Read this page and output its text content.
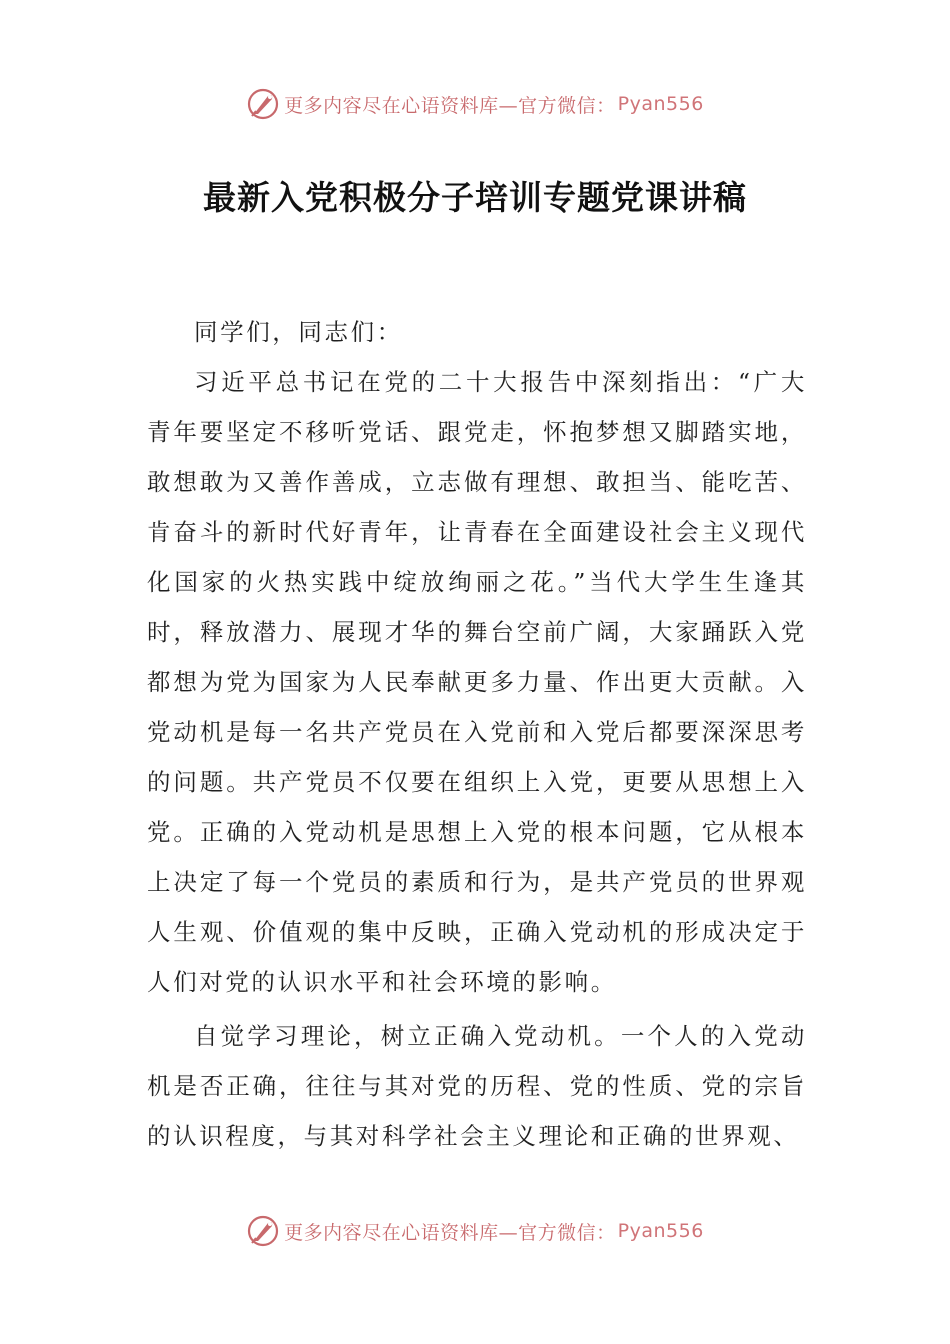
更多内容尽在心语资料库—官方微信： Pyan556
最新入党积极分子培训专题党课讲稿

同学们，同志们：

习近平总书记在党的二十大报告中深刻指出：“广大青年要坚定不移听党话、跟党走，怀抱梦想又脚踏实地，敢想敢为又善作善成，立志做有理想、敢担当、能吃苦、肯奋斗的新时代好青年，让青春在全面建设社会主义现代化国家的火热实践中绽放绚丽之花。”当代大学生生逢其时，释放潜力、展现才华的舞台空前广阔，大家踊跃入党都想为党为国家为人民奉献更多力量、作出更大贡献。入党动机是每一名共产党员在入党前和入党后都要深深思考的问题。共产党员不仅要在组织上入党，更要从思想上入党。正确的入党动机是思想上入党的根本问题，它从根本上决定了每一个党员的素质和行为，是共产党员的世界观人生观、价值观的集中反映，正确入党动机的形成决定于人们对党的认识水平和社会环境的影响。

自觉学习理论，树立正确入党动机。一个人的入党动机是否正确，往往与其对党的历程、党的性质、党的宗旨的认识程度，与其对科学社会主义理论和正确的世界观、

更多内容尽在心语资料库—官方微信： Pyan556
